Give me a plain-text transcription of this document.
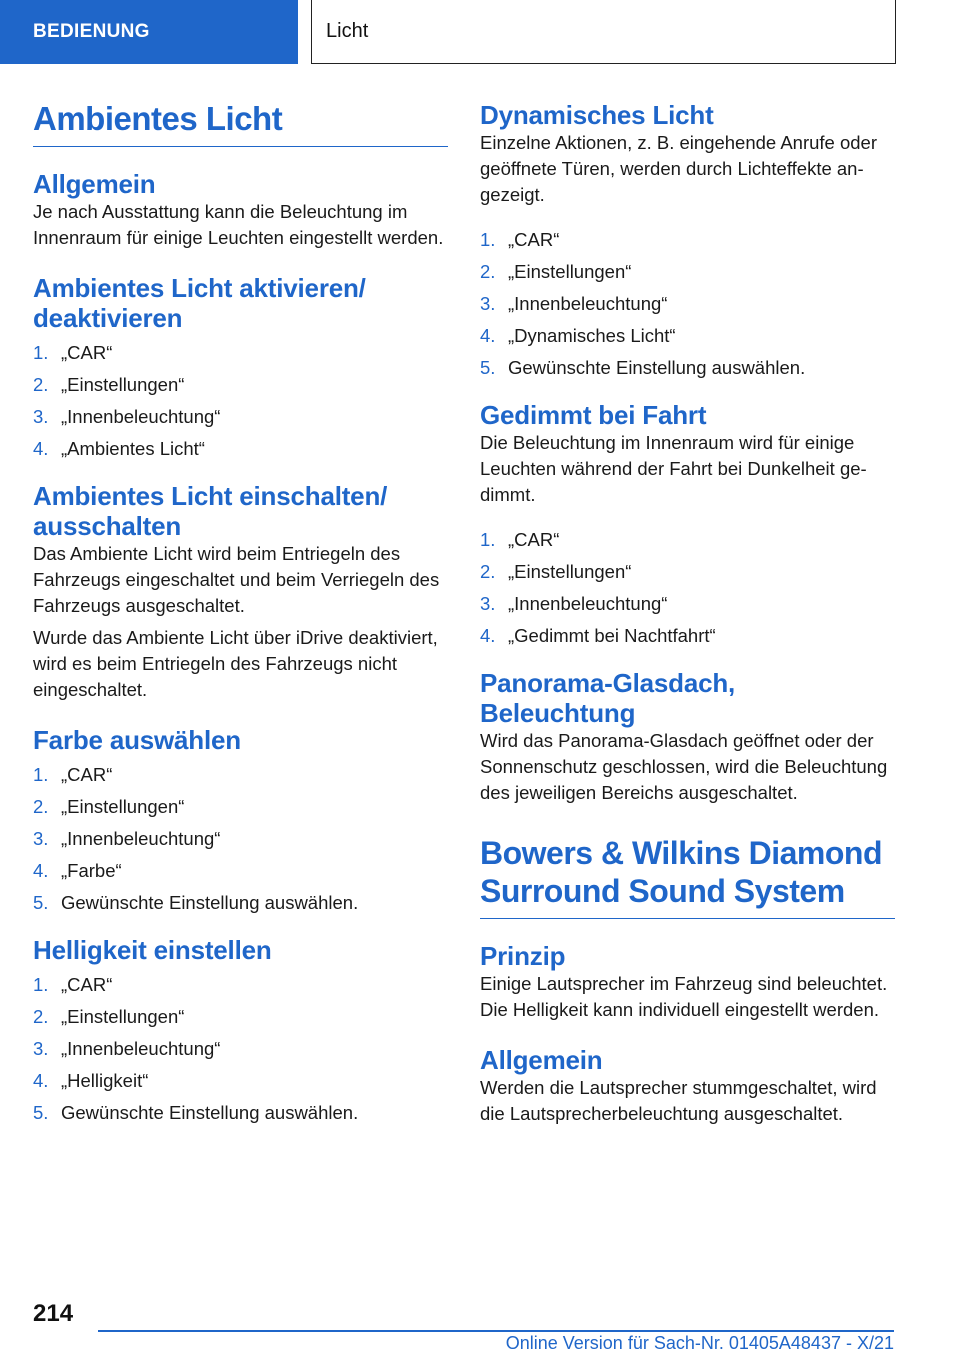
BEDIENUNG	Licht
Ambientes Licht
Allgemein

Je nach Ausstattung kann die Beleuchtung im Innenraum für einige Leuchten eingestellt werden.

Ambientes Licht aktivieren/ deaktivieren
1. „CAR“
2. „Einstellungen“
3. „Innenbeleuchtung“
4. „Ambientes Licht“
Ambientes Licht einschalten/ ausschalten

Das Ambiente Licht wird beim Entriegeln des Fahrzeugs eingeschaltet und beim Verriegeln des Fahrzeugs ausgeschaltet.

Wurde das Ambiente Licht über iDrive deaktiviert, wird es beim Entriegeln des Fahrzeugs nicht eingeschaltet.

Farbe auswählen
1. „CAR“
2. „Einstellungen“
3. „Innenbeleuchtung“
4. „Farbe“
5. Gewünschte Einstellung auswählen.
Helligkeit einstellen
1. „CAR“
2. „Einstellungen“
3. „Innenbeleuchtung“
4. „Helligkeit“
5. Gewünschte Einstellung auswählen.
Dynamisches Licht

Einzelne Aktionen, z. B. eingehende Anrufe oder geöffnete Türen, werden durch Lichteffekte angezeigt.

1. „CAR“
2. „Einstellungen“
3. „Innenbeleuchtung“
4. „Dynamisches Licht“
5. Gewünschte Einstellung auswählen.
Gedimmt bei Fahrt

Die Beleuchtung im Innenraum wird für einige Leuchten während der Fahrt bei Dunkelheit gedimmt.

1. „CAR“
2. „Einstellungen“
3. „Innenbeleuchtung“
4. „Gedimmt bei Nachtfahrt“
Panorama-Glasdach, Beleuchtung

Wird das Panorama-Glasdach geöffnet oder der Sonnenschutz geschlossen, wird die Beleuchtung des jeweiligen Bereichs ausgeschaltet.

Bowers & Wilkins Diamond Surround Sound System
Prinzip

Einige Lautsprecher im Fahrzeug sind beleuchtet. Die Helligkeit kann individuell eingestellt werden.

Allgemein

Werden die Lautsprecher stummgeschaltet, wird die Lautsprecherbeleuchtung ausgeschaltet.

214
Online Version für Sach-Nr. 01405A48437 - X/21
